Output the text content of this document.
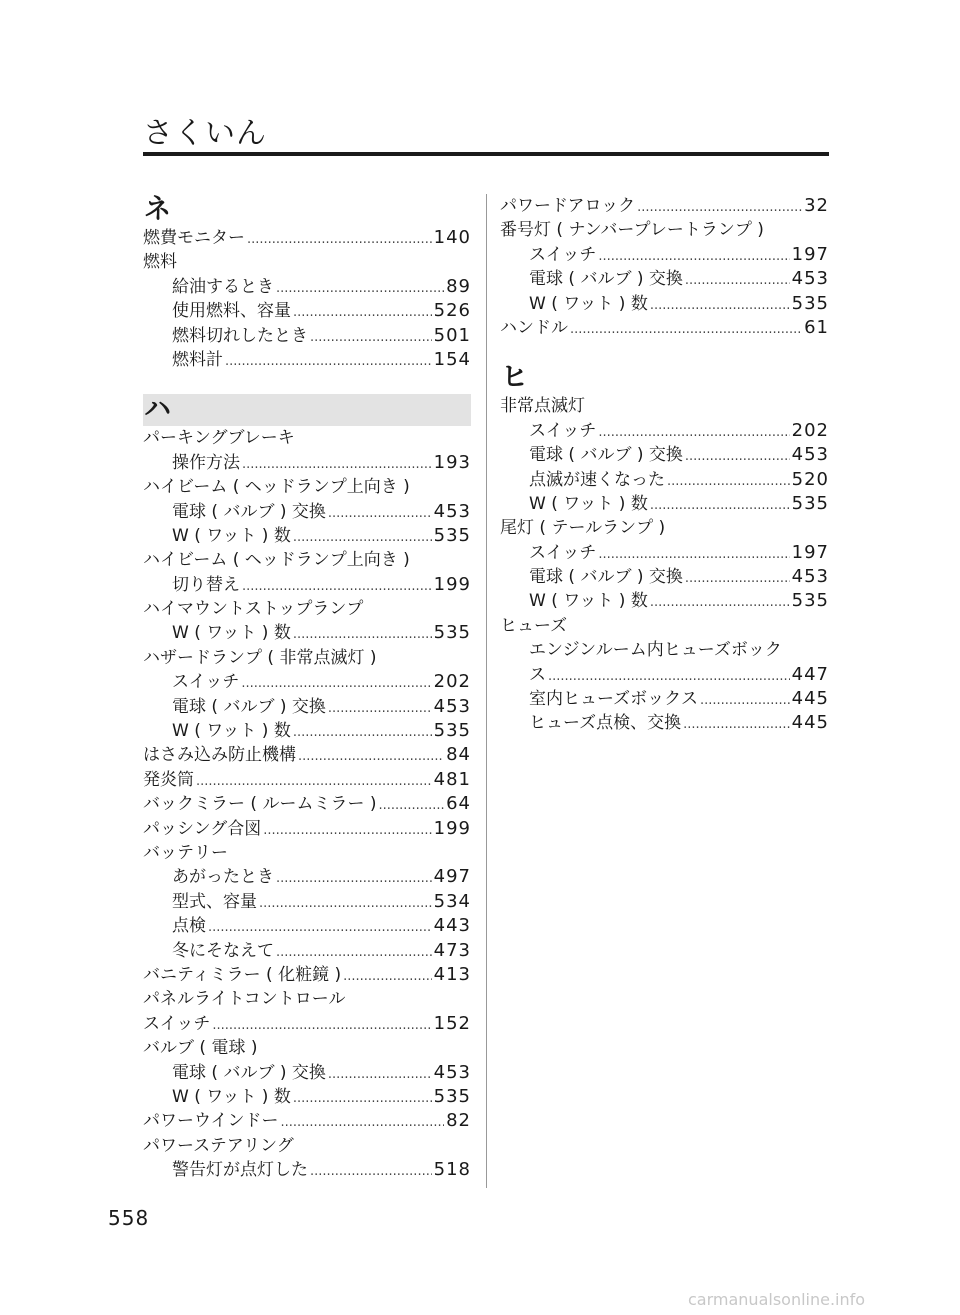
さくいん
ネ
燃費モニター .....	140
燃料
給油するとき .....	89
使用燃料、容量 .....	526
燃料切れしたとき .....	501
燃料計 .....	154
ハ
パーキングブレーキ
操作方法 .....	193
ハイビーム ( ヘッドランプ上向き )
電球 ( バルブ ) 交換 .....	453
W ( ワット ) 数 .....	535
ハイビーム ( ヘッドランプ上向き )
切り替え .....	199
ハイマウントストップランプ
W ( ワット ) 数 .....	535
ハザードランプ ( 非常点滅灯 )
スイッチ .....	202
電球 ( バルブ ) 交換 .....	453
W ( ワット ) 数 .....	535
はさみ込み防止機構 .....	84
発炎筒 .....	481
バックミラー ( ルームミラー ) .....	64
パッシング合図 .....	199
バッテリー
あがったとき .....	497
型式、容量 .....	534
点検 .....	443
冬にそなえて .....	473
バニティミラー ( 化粧鏡 ) .....	413
パネルライトコントロール
スイッチ .....	152
バルブ ( 電球 )
電球 ( バルブ ) 交換 .....	453
W ( ワット ) 数 .....	535
パワーウインドー .....	82
パワーステアリング
警告灯が点灯した .....	518
パワードアロック .....	32
番号灯 ( ナンバープレートランプ )
スイッチ .....	197
電球 ( バルブ ) 交換 .....	453
W ( ワット ) 数 .....	535
ハンドル .....	61
ヒ
非常点滅灯
スイッチ .....	202
電球 ( バルブ ) 交換 .....	453
点滅が速くなった .....	520
W ( ワット ) 数 .....	535
尾灯 ( テールランプ )
スイッチ .....	197
電球 ( バルブ ) 交換 .....	453
W ( ワット ) 数 .....	535
ヒューズ
エンジンルーム内ヒューズボック
ス .....	447
室内ヒューズボックス .....	445
ヒューズ点検、交換 .....	445
558
carmanualsonline.info
